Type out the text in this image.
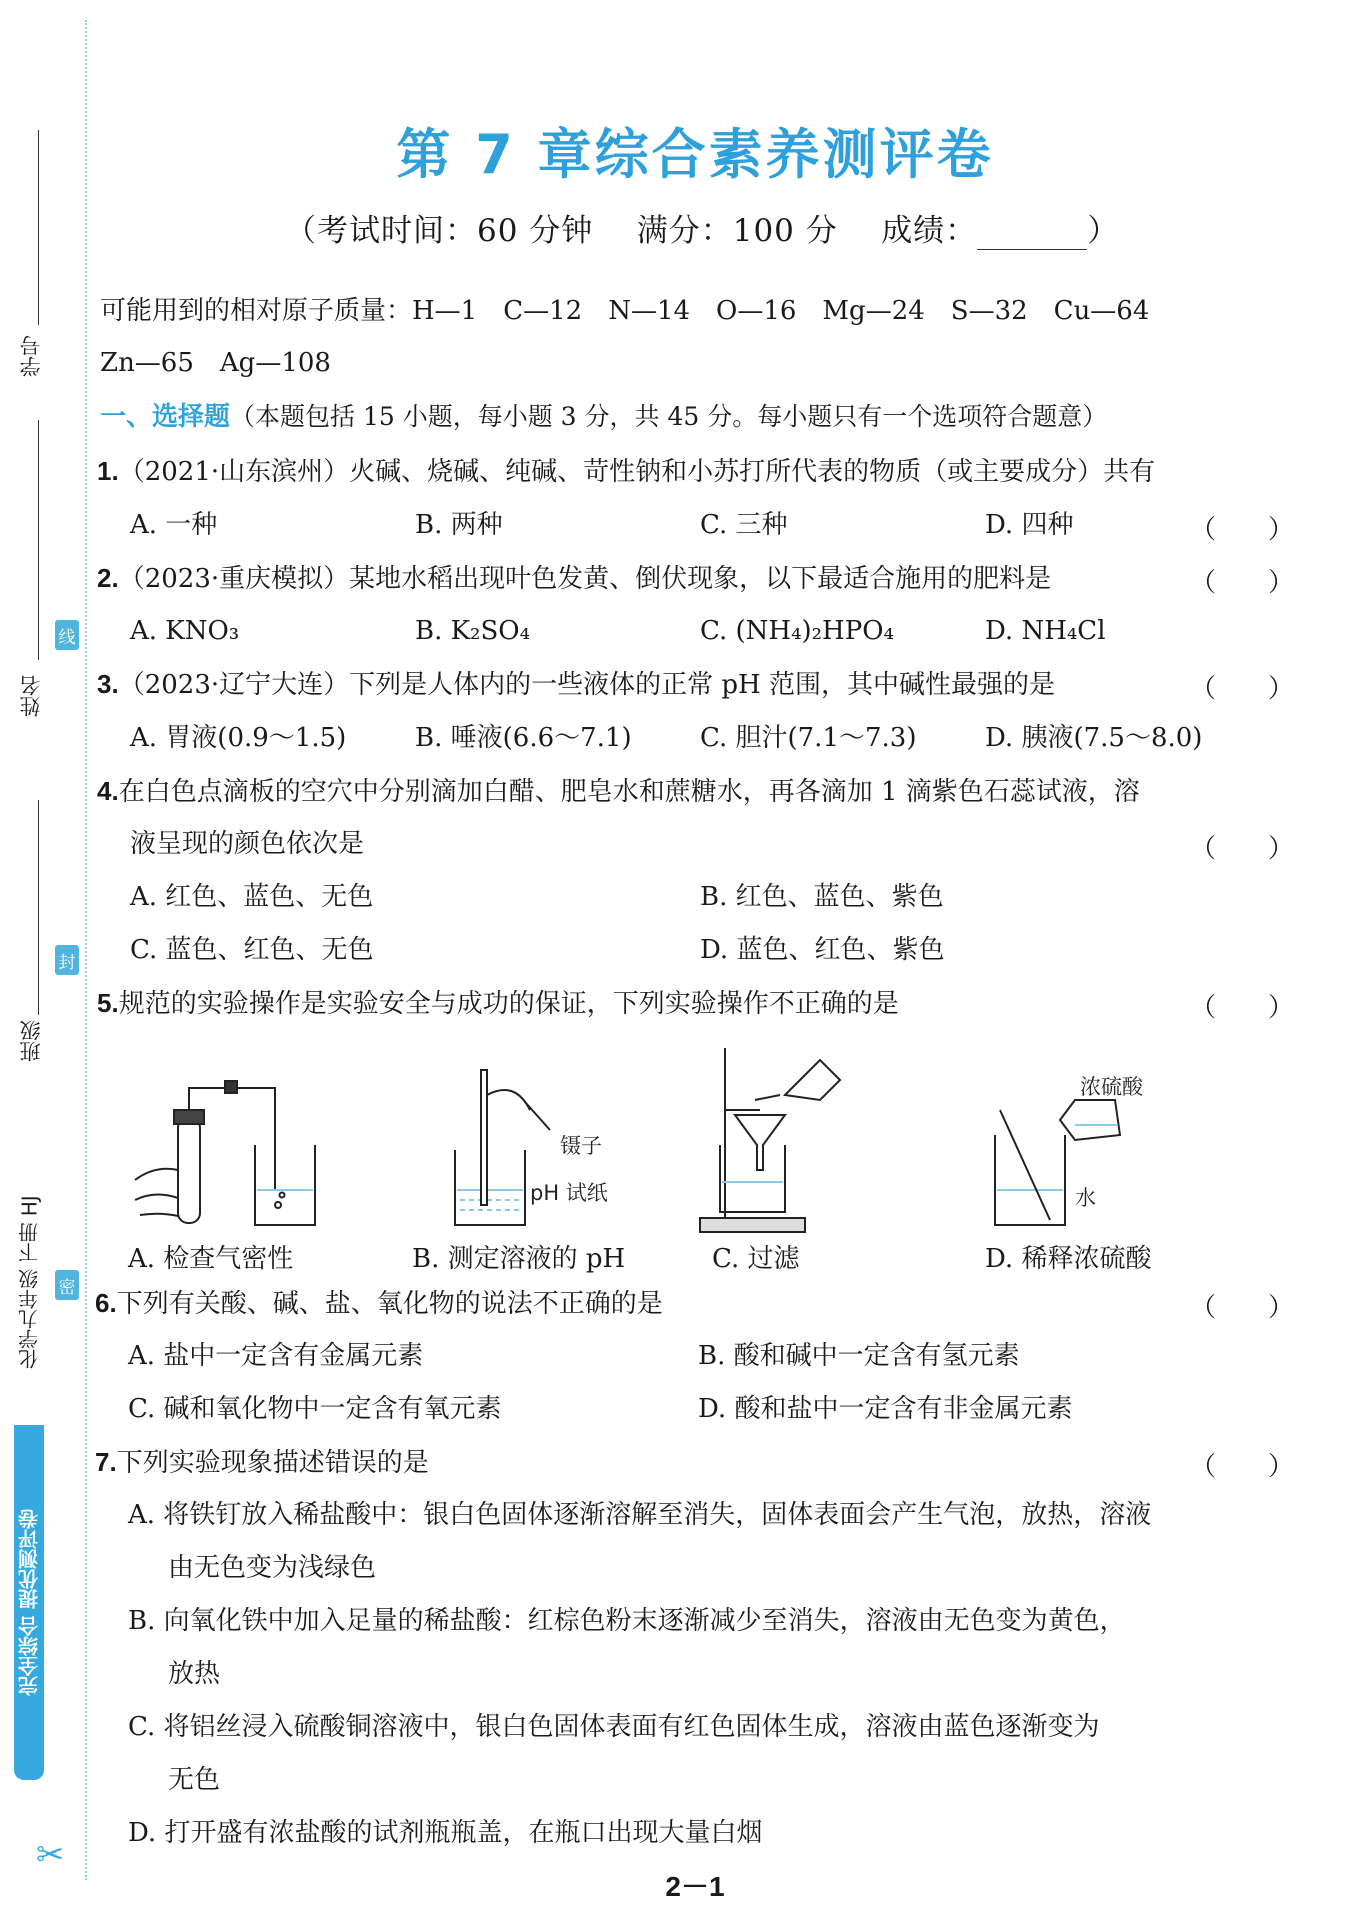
学号
姓名
班级
线
封
密
化学九年级 下册 HJ
完全综合 提优测评卷
✂
第 7 章综合素养测评卷
（考试时间：60 分钟 满分：100 分 成绩：	）
可能用到的相对原子质量：H—1　C—12　N—14　O—16　Mg—24　S—32　Cu—64
Zn—65　Ag—108
一、选择题（本题包括 15 小题，每小题 3 分，共 45 分。每小题只有一个选项符合题意）
1.（2021·山东滨州）火碱、烧碱、纯碱、苛性钠和小苏打所代表的物质（或主要成分）共有
A. 一种	B. 两种	C. 三种	D. 四种	（　　）
2.（2023·重庆模拟）某地水稻出现叶色发黄、倒伏现象，以下最适合施用的肥料是	（　　）
A. KNO₃	B. K₂SO₄	C. (NH₄)₂HPO₄	D. NH₄Cl
3.（2023·辽宁大连）下列是人体内的一些液体的正常 pH 范围，其中碱性最强的是	（　　）
A. 胃液(0.9～1.5)	B. 唾液(6.6～7.1)	C. 胆汁(7.1～7.3)	D. 胰液(7.5～8.0)
4.在白色点滴板的空穴中分别滴加白醋、肥皂水和蔗糖水，再各滴加 1 滴紫色石蕊试液，溶
液呈现的颜色依次是	（　　）
A. 红色、蓝色、无色	B. 红色、蓝色、紫色
C. 蓝色、红色、无色	D. 蓝色、红色、紫色
5.规范的实验操作是实验安全与成功的保证，下列实验操作不正确的是	（　　）
镊子
pH 试纸
浓硫酸
水
A. 检查气密性	B. 测定溶液的 pH	C. 过滤	D. 稀释浓硫酸
6.下列有关酸、碱、盐、氧化物的说法不正确的是	（　　）
A. 盐中一定含有金属元素	B. 酸和碱中一定含有氢元素
C. 碱和氧化物中一定含有氧元素	D. 酸和盐中一定含有非金属元素
7.下列实验现象描述错误的是	（　　）
A. 将铁钉放入稀盐酸中：银白色固体逐渐溶解至消失，固体表面会产生气泡，放热，溶液
由无色变为浅绿色
B. 向氧化铁中加入足量的稀盐酸：红棕色粉末逐渐减少至消失，溶液由无色变为黄色，
放热
C. 将铝丝浸入硫酸铜溶液中，银白色固体表面有红色固体生成，溶液由蓝色逐渐变为
无色
D. 打开盛有浓盐酸的试剂瓶瓶盖，在瓶口出现大量白烟
2－1
